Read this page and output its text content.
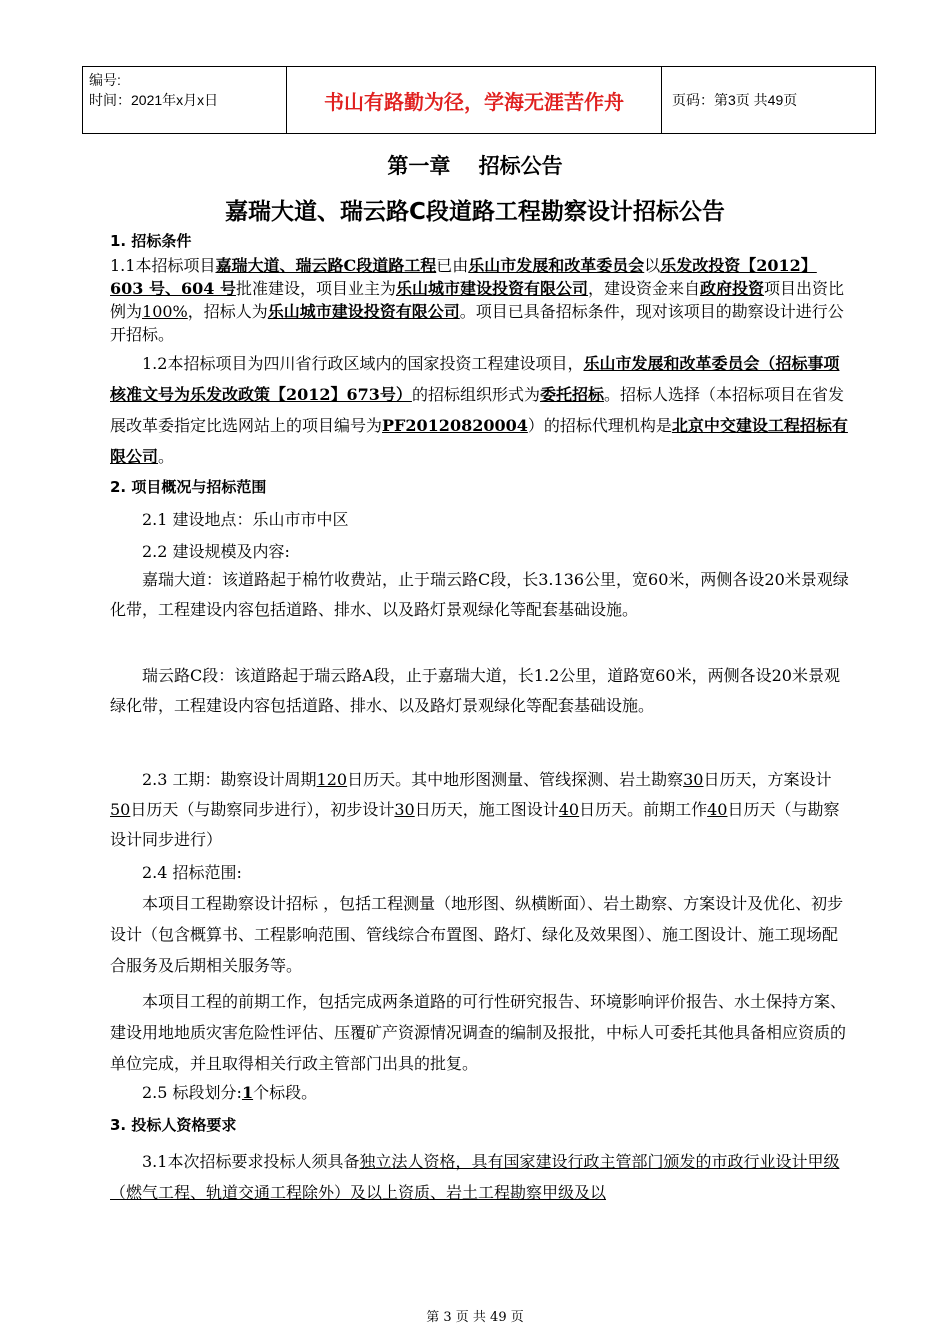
编号:
时间：2021年x月x日	书山有路勤为径，学海无涯苦作舟	页码：第3页 共49页
第一章　 招标公告
嘉瑞大道、瑞云路C段道路工程勘察设计招标公告
1. 招标条件
1.1本招标项目嘉瑞大道、瑞云路C段道路工程已由乐山市发展和改革委员会以乐发改投资【2012】603 号、604 号批准建设，项目业主为乐山城市建设投资有限公司，建设资金来自政府投资项目出资比例为100%，招标人为乐山城市建设投资有限公司。项目已具备招标条件，现对该项目的勘察设计进行公开招标。
1.2本招标项目为四川省行政区域内的国家投资工程建设项目，乐山市发展和改革委员会（招标事项核准文号为乐发改政策【2012】673号）的招标组织形式为委托招标。招标人选择（本招标项目在省发展改革委指定比选网站上的项目编号为PF20120820004）的招标代理机构是北京中交建设工程招标有限公司。
2. 项目概况与招标范围
2.1 建设地点：乐山市市中区
2.2 建设规模及内容:
嘉瑞大道：该道路起于棉竹收费站，止于瑞云路C段，长3.136公里，宽60米，两侧各设20米景观绿化带，工程建设内容包括道路、排水、以及路灯景观绿化等配套基础设施。
瑞云路C段：该道路起于瑞云路A段，止于嘉瑞大道，长1.2公里，道路宽60米，两侧各设20米景观绿化带，工程建设内容包括道路、排水、以及路灯景观绿化等配套基础设施。
2.3 工期：勘察设计周期120日历天。其中地形图测量、管线探测、岩土勘察30日历天，方案设计50日历天（与勘察同步进行），初步设计30日历天，施工图设计40日历天。前期工作40日历天（与勘察设计同步进行）
2.4 招标范围:
本项目工程勘察设计招标 ，包括工程测量（地形图、纵横断面）、岩土勘察、方案设计及优化、初步设计（包含概算书、工程影响范围、管线综合布置图、路灯、绿化及效果图）、施工图设计、施工现场配合服务及后期相关服务等。
本项目工程的前期工作，包括完成两条道路的可行性研究报告、环境影响评价报告、水土保持方案、建设用地地质灾害危险性评估、压覆矿产资源情况调查的编制及报批，中标人可委托其他具备相应资质的单位完成，并且取得相关行政主管部门出具的批复。
2.5 标段划分:1个标段。
3. 投标人资格要求
3.1本次招标要求投标人须具备独立法人资格，具有国家建设行政主管部门颁发的市政行业设计甲级（燃气工程、轨道交通工程除外）及以上资质、岩土工程勘察甲级及以
第 3 页 共 49 页
